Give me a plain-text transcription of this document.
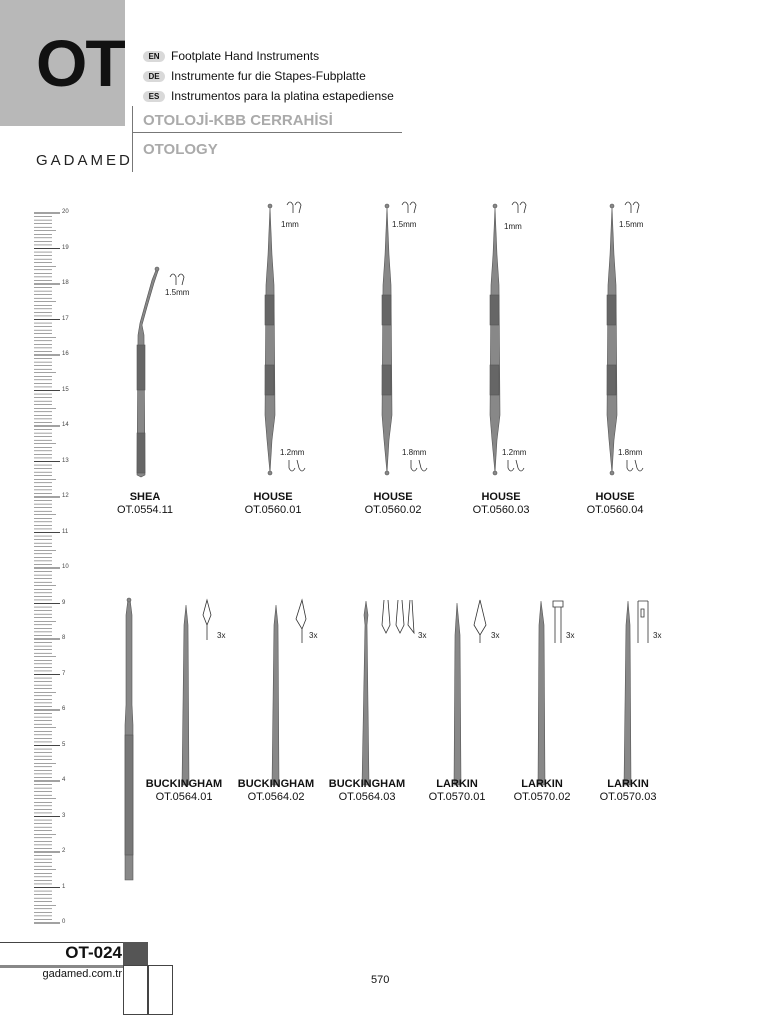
OT	EN Footplate Hand Instruments
DE Instrumente fur die Stapes-Fubplatte
ES Instrumentos para la platina estapediense
OTOLOJİ-KBB CERRAHİSİ
OTOLOGY
GADAMED
20
19
18
17
16
15
14
13
12
11
10
9
8
7
6
5
4
3
2
1
0
1.5mm
1mm	1.5mm	1mm	1.5mm
1.2mm	1.8mm	1.2mm	1.8mm
SHEA
OT.0554.11
HOUSE
OT.0560.01
HOUSE
OT.0560.02
HOUSE
OT.0560.03
HOUSE
OT.0560.04
3x	3x	3x	3x	3x	3x
BUCKINGHAM
OT.0564.01
BUCKINGHAM
OT.0564.02
BUCKINGHAM
OT.0564.03
LARKIN
OT.0570.01
LARKIN
OT.0570.02
LARKIN
OT.0570.03
OT-024
gadamed.com.tr	570
